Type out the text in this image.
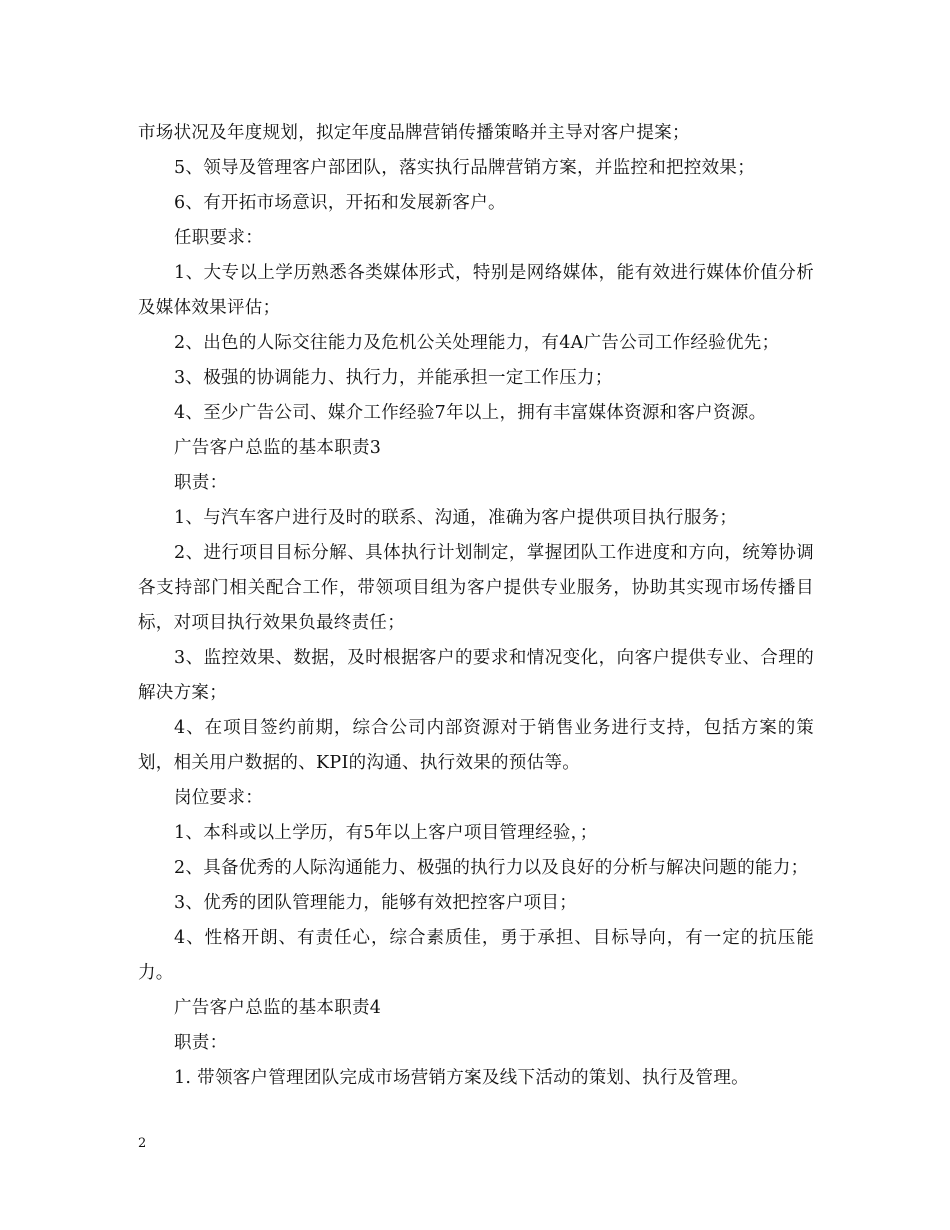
市场状况及年度规划，拟定年度品牌营销传播策略并主导对客户提案；

5、领导及管理客户部团队，落实执行品牌营销方案，并监控和把控效果；

6、有开拓市场意识，开拓和发展新客户。

任职要求：

1、大专以上学历熟悉各类媒体形式，特别是网络媒体，能有效进行媒体价值分析及媒体效果评估；

2、出色的人际交往能力及危机公关处理能力，有4A广告公司工作经验优先；

3、极强的协调能力、执行力，并能承担一定工作压力；

4、至少广告公司、媒介工作经验7年以上，拥有丰富媒体资源和客户资源。

广告客户总监的基本职责3

职责：

1、与汽车客户进行及时的联系、沟通，准确为客户提供项目执行服务；

2、进行项目目标分解、具体执行计划制定，掌握团队工作进度和方向，统筹协调各支持部门相关配合工作，带领项目组为客户提供专业服务，协助其实现市场传播目标，对项目执行效果负最终责任；

3、监控效果、数据，及时根据客户的要求和情况变化，向客户提供专业、合理的解决方案；

4、在项目签约前期，综合公司内部资源对于销售业务进行支持，包括方案的策划，相关用户数据的、KPI的沟通、执行效果的预估等。

岗位要求：

1、本科或以上学历，有5年以上客户项目管理经验，；

2、具备优秀的人际沟通能力、极强的执行力以及良好的分析与解决问题的能力；

3、优秀的团队管理能力，能够有效把控客户项目；

4、性格开朗、有责任心，综合素质佳，勇于承担、目标导向，有一定的抗压能力。

广告客户总监的基本职责4

职责：

1. 带领客户管理团队完成市场营销方案及线下活动的策划、执行及管理。

2
